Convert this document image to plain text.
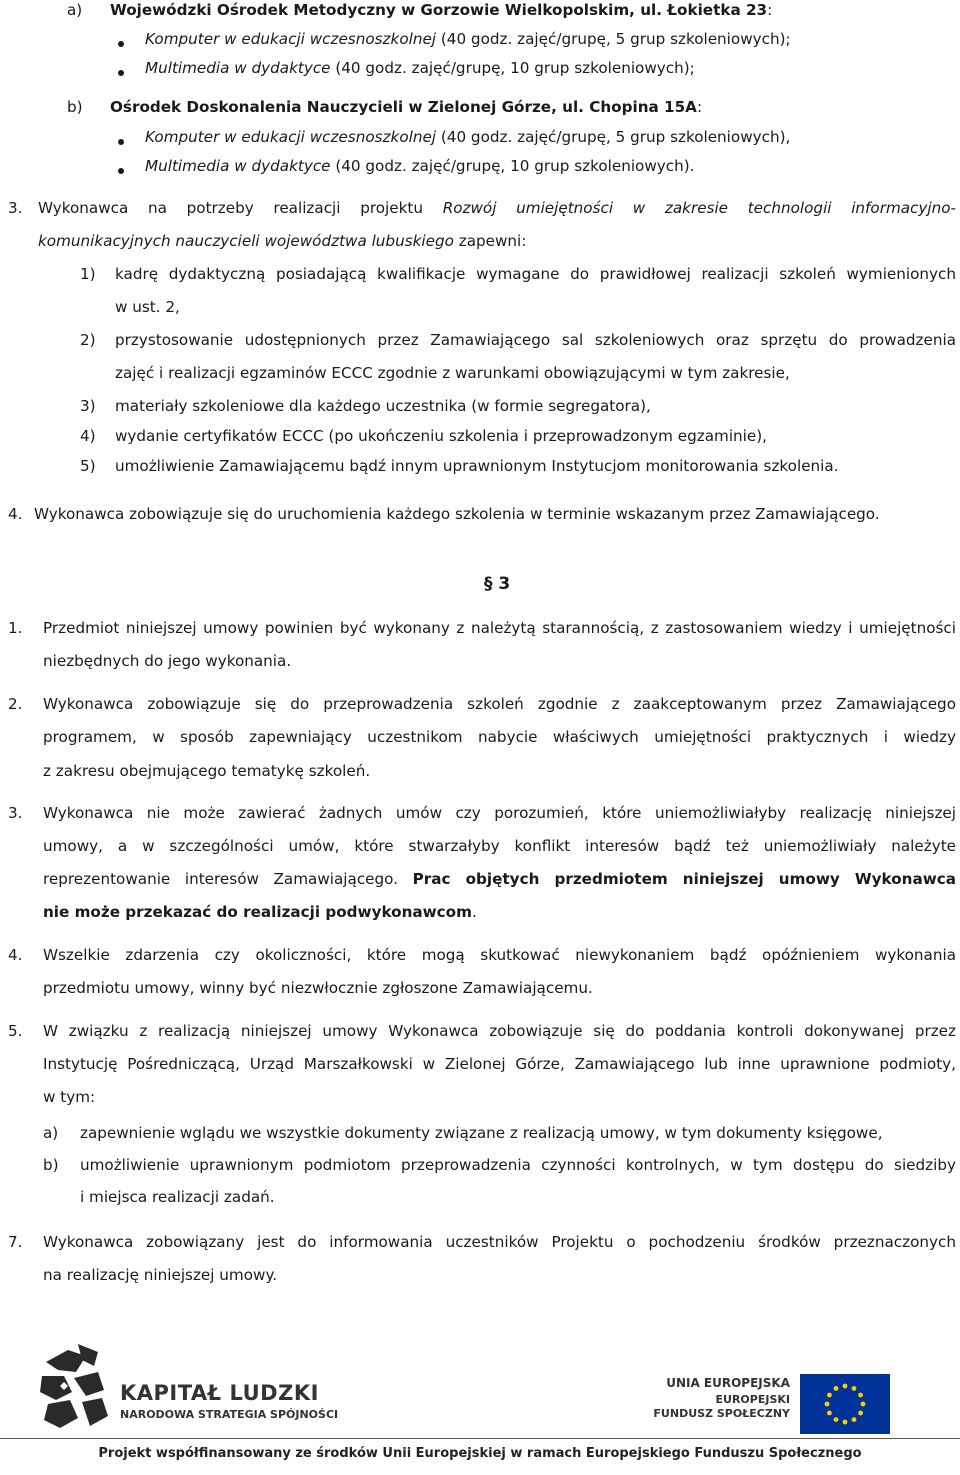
a) Wojewódzki Ośrodek Metodyczny w Gorzowie Wielkopolskim, ul. Łokietka 23:
Komputer w edukacji wczesnoszkolnej (40 godz. zajęć/grupę, 5 grup szkoleniowych);
Multimedia w dydaktyce (40 godz. zajęć/grupę, 10 grup szkoleniowych);
b) Ośrodek Doskonalenia Nauczycieli w Zielonej Górze, ul. Chopina 15A:
Komputer w edukacji wczesnoszkolnej (40 godz. zajęć/grupę, 5 grup szkoleniowych),
Multimedia w dydaktyce (40 godz. zajęć/grupę, 10 grup szkoleniowych).
3. Wykonawca na potrzeby realizacji projektu Rozwój umiejętności w zakresie technologii informacyjno-
komunikacyjnych nauczycieli województwa lubuskiego zapewni:
1) kadrę dydaktyczną posiadającą kwalifikacje wymagane do prawidłowej realizacji szkoleń wymienionych
w ust. 2,
2) przystosowanie udostępnionych przez Zamawiającego sal szkoleniowych oraz sprzętu do prowadzenia
zajęć i realizacji egzaminów ECCC zgodnie z warunkami obowiązującymi w tym zakresie,
3) materiały szkoleniowe dla każdego uczestnika (w formie segregatora),
4) wydanie certyfikatów ECCC (po ukończeniu szkolenia i przeprowadzonym egzaminie),
5) umożliwienie Zamawiającemu bądź innym uprawnionym Instytucjom monitorowania szkolenia.
4. Wykonawca zobowiązuje się do uruchomienia każdego szkolenia w terminie wskazanym przez Zamawiającego.
§ 3
1. Przedmiot niniejszej umowy powinien być wykonany z należytą starannością, z zastosowaniem wiedzy i umiejętności
niezbędnych do jego wykonania.
2. Wykonawca zobowiązuje się do przeprowadzenia szkoleń zgodnie z zaakceptowanym przez Zamawiającego
programem, w sposób zapewniający uczestnikom nabycie właściwych umiejętności praktycznych i wiedzy
z zakresu obejmującego tematykę szkoleń.
3. Wykonawca nie może zawierać żadnych umów czy porozumień, które uniemożliwiałyby realizację niniejszej
umowy, a w szczególności umów, które stwarzałyby konflikt interesów bądź też uniemożliwiały należyte
reprezentowanie interesów Zamawiającego. Prac objętych przedmiotem niniejszej umowy Wykonawca
nie może przekazać do realizacji podwykonawcom.
4. Wszelkie zdarzenia czy okoliczności, które mogą skutkować niewykonaniem bądź opóźnieniem wykonania
przedmiotu umowy, winny być niezwłocznie zgłoszone Zamawiającemu.
5. W związku z realizacją niniejszej umowy Wykonawca zobowiązuje się do poddania kontroli dokonywanej przez
Instytucję Pośredniczącą, Urząd Marszałkowski w Zielonej Górze, Zamawiającego lub inne uprawnione podmioty,
w tym:
a) zapewnienie wglądu we wszystkie dokumenty związane z realizacją umowy, w tym dokumenty księgowe,
b) umożliwienie uprawnionym podmiotom przeprowadzenia czynności kontrolnych, w tym dostępu do siedziby
i miejsca realizacji zadań.
7. Wykonawca zobowiązany jest do informowania uczestników Projektu o pochodzeniu środków przeznaczonych
na realizację niniejszej umowy.
KAPITAŁ LUDZKI
NARODOWA STRATEGIA SPÓJNOŚCI
UNIA EUROPEJSKA
EUROPEJSKI
FUNDUSZ SPOŁECZNY
Projekt współfinansowany ze środków Unii Europejskiej w ramach Europejskiego Funduszu Społecznego
